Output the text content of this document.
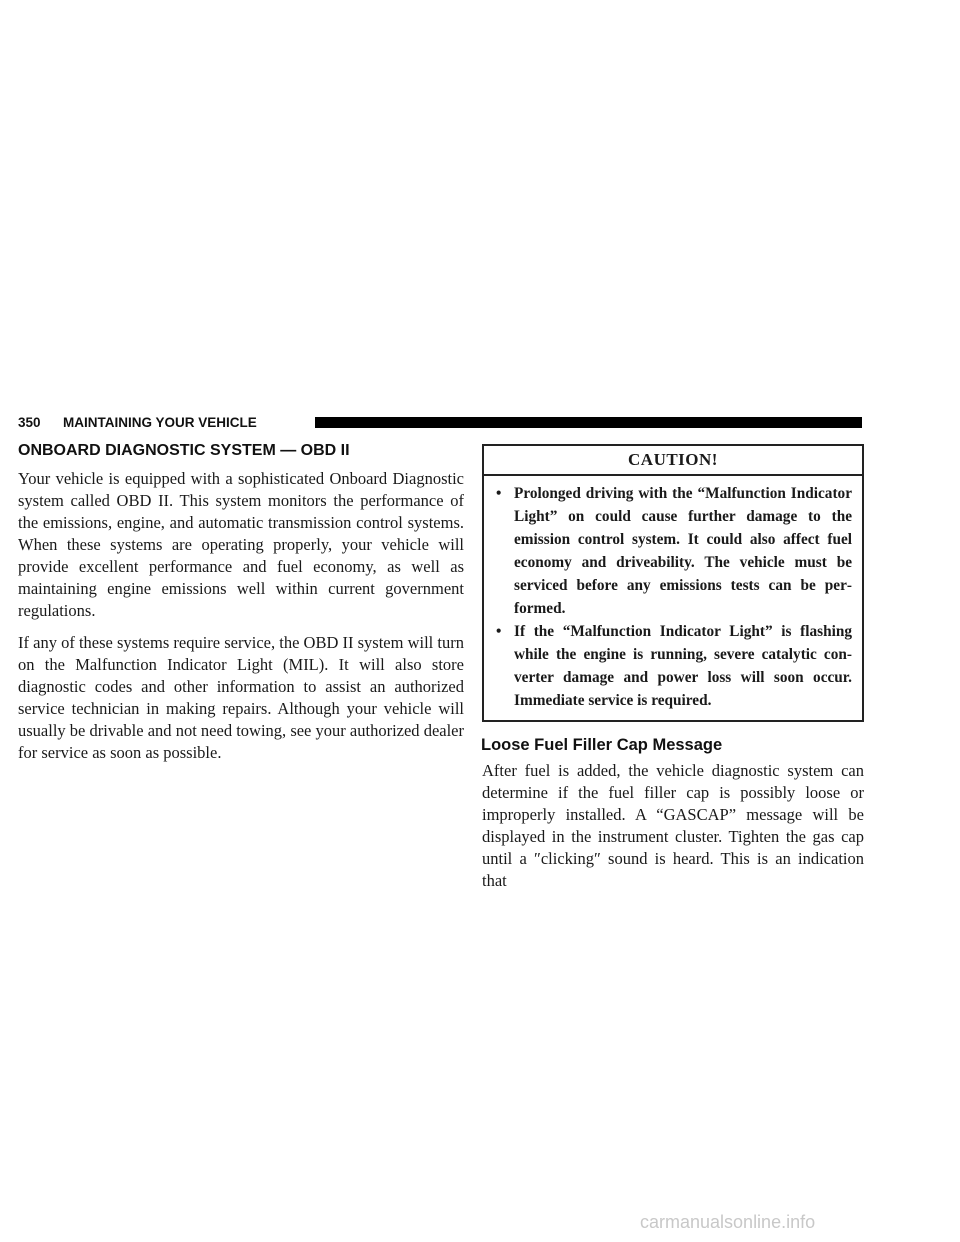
350 MAINTAINING YOUR VEHICLE
ONBOARD DIAGNOSTIC SYSTEM — OBD II

Your vehicle is equipped with a sophisticated Onboard Diagnostic system called OBD II. This system monitors the performance of the emissions, engine, and automatic transmission control systems. When these systems are operating properly, your vehicle will provide excellent performance and fuel economy, as well as maintaining engine emissions well within current government regulations.

If any of these systems require service, the OBD II system will turn on the Malfunction Indicator Light (MIL). It will also store diagnostic codes and other information to assist an authorized service technician in making repairs. Although your vehicle will usually be drivable and not need towing, see your authorized dealer for service as soon as possible.

CAUTION!
• Prolonged driving with the “Malfunction Indicator Light” on could cause further damage to the emission control system. It could also affect fuel economy and driveability. The vehicle must be serviced before any emissions tests can be performed.
• If the “Malfunction Indicator Light” is flashing while the engine is running, severe catalytic converter damage and power loss will soon occur. Immediate service is required.
Loose Fuel Filler Cap Message

After fuel is added, the vehicle diagnostic system can determine if the fuel filler cap is possibly loose or improperly installed. A “GASCAP” message will be displayed in the instrument cluster. Tighten the gas cap until a ″clicking″ sound is heard. This is an indication that

carmanualsonline.info
